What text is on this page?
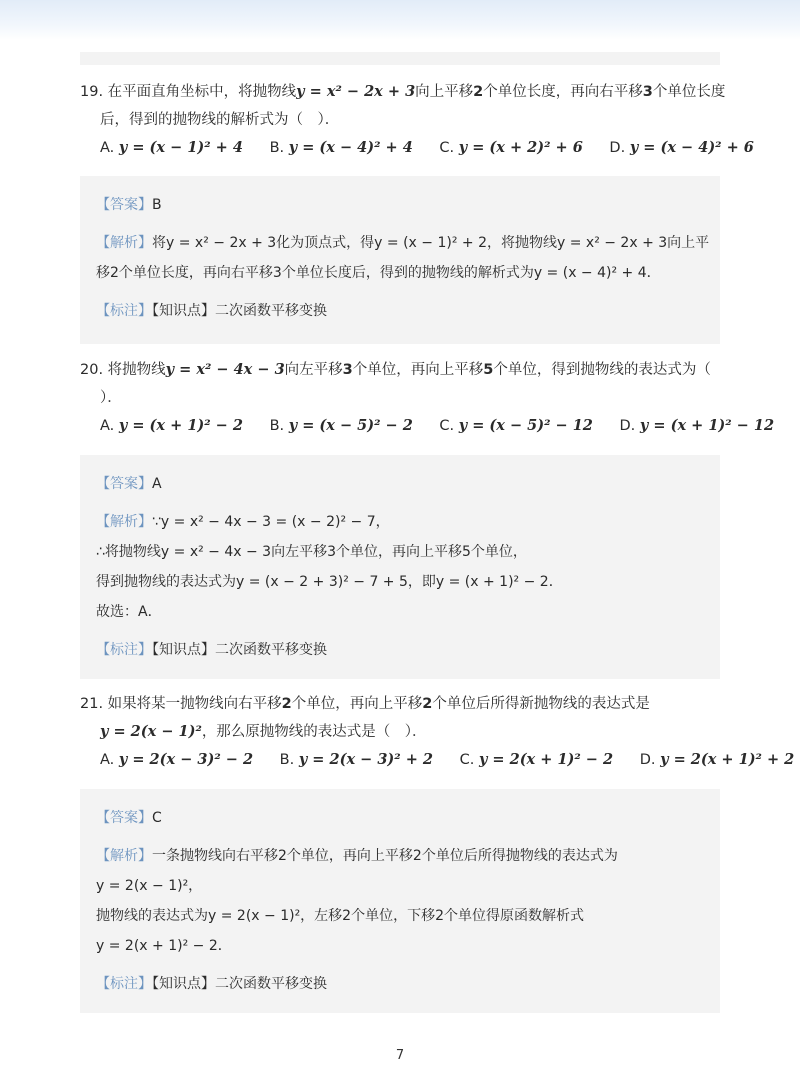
19. 在平面直角坐标中，将抛物线y = x² − 2x + 3向上平移2个单位长度，再向右平移3个单位长度
后，得到的抛物线的解析式为（　）．
A. y = (x − 1)² + 4 B. y = (x − 4)² + 4 C. y = (x + 2)² + 6 D. y = (x − 4)² + 6
【答案】B
【解析】将y = x² − 2x + 3化为顶点式，得y = (x − 1)² + 2，将抛物线y = x² − 2x + 3向上平
移2个单位长度，再向右平移3个单位长度后，得到的抛物线的解析式为y = (x − 4)² + 4．
【标注】【知识点】二次函数平移变换
20. 将抛物线y = x² − 4x − 3向左平移3个单位，再向上平移5个单位，得到抛物线的表达式为（
）．
A. y = (x + 1)² − 2 B. y = (x − 5)² − 2 C. y = (x − 5)² − 12 D. y = (x + 1)² − 12
【答案】A
【解析】∵y = x² − 4x − 3 = (x − 2)² − 7，
∴将抛物线y = x² − 4x − 3向左平移3个单位，再向上平移5个单位，
得到抛物线的表达式为y = (x − 2 + 3)² − 7 + 5，即y = (x + 1)² − 2．
故选：A．
【标注】【知识点】二次函数平移变换
21. 如果将某一抛物线向右平移2个单位，再向上平移2个单位后所得新抛物线的表达式是
y = 2(x − 1)²，那么原抛物线的表达式是（　）．
A. y = 2(x − 3)² − 2 B. y = 2(x − 3)² + 2 C. y = 2(x + 1)² − 2 D. y = 2(x + 1)² + 2
【答案】C
【解析】一条抛物线向右平移2个单位，再向上平移2个单位后所得抛物线的表达式为
y = 2(x − 1)²，
抛物线的表达式为y = 2(x − 1)²，左移2个单位，下移2个单位得原函数解析式
y = 2(x + 1)² − 2．
【标注】【知识点】二次函数平移变换
7
